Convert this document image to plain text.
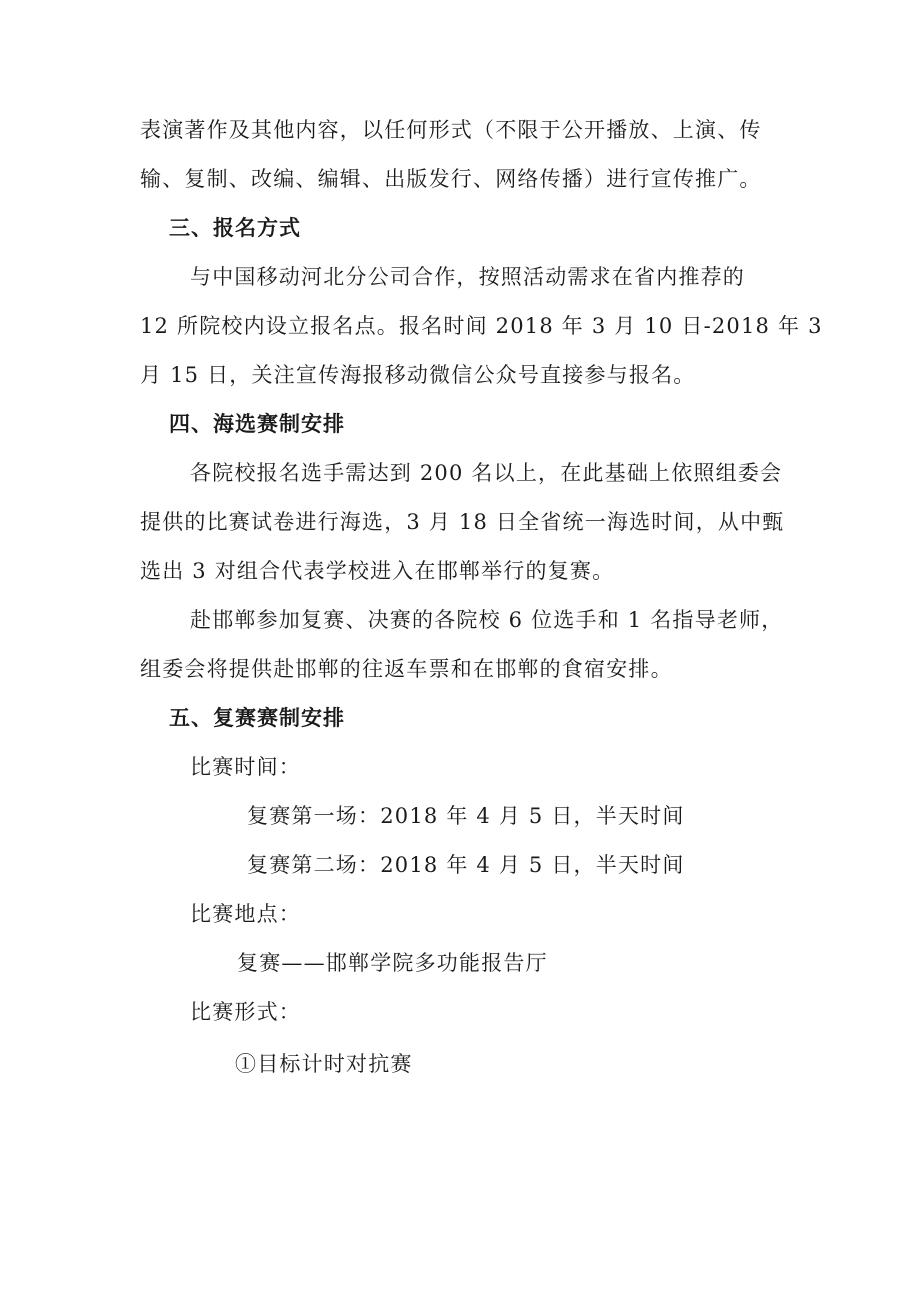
表演著作及其他内容，以任何形式（不限于公开播放、上演、传
输、复制、改编、编辑、出版发行、网络传播）进行宣传推广。
三、报名方式
与中国移动河北分公司合作，按照活动需求在省内推荐的
12 所院校内设立报名点。报名时间 2018 年 3 月 10 日-2018 年 3
月 15 日，关注宣传海报移动微信公众号直接参与报名。
四、海选赛制安排
各院校报名选手需达到 200 名以上，在此基础上依照组委会
提供的比赛试卷进行海选，3 月 18 日全省统一海选时间，从中甄
选出 3 对组合代表学校进入在邯郸举行的复赛。
赴邯郸参加复赛、决赛的各院校 6 位选手和 1 名指导老师，
组委会将提供赴邯郸的往返车票和在邯郸的食宿安排。
五、复赛赛制安排
比赛时间：
复赛第一场：2018 年 4 月 5 日，半天时间
复赛第二场：2018 年 4 月 5 日，半天时间
比赛地点：
复赛——邯郸学院多功能报告厅
比赛形式：
①目标计时对抗赛
